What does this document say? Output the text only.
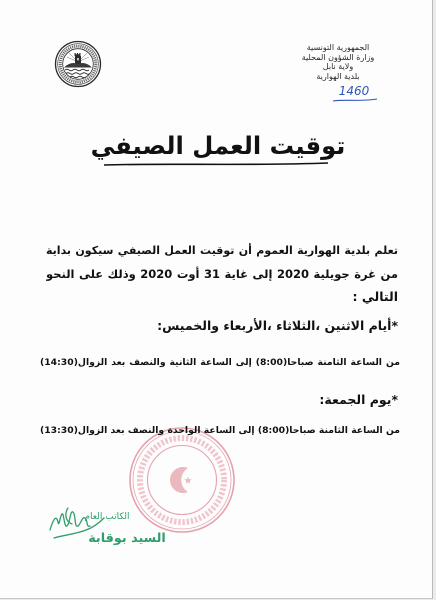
الجمهورية التونسية
وزارة الشؤون المحلية
ولاية نابل
بلدية الهوارية
1460
توقيت العمل الصيفي
تعلم بلدية الهوارية العموم أن توقيت العمل الصيفي سيكون بداية
من غرة جويلية 2020 إلى غاية 31 أوت 2020 وذلك على النحو
التالي :
*أيام الاثنين ،الثلاثاء ،الأربعاء والخميس:
من الساعة الثامنة صباحا(8:00) إلى الساعة الثانية والنصف بعد الزوال(14:30)
*يوم الجمعة:
من الساعة الثامنة صباحا(8:00) إلى الساعة الواحدة والنصف بعد الزوال(13:30)
الكاتب العام
السيد بوقابة
